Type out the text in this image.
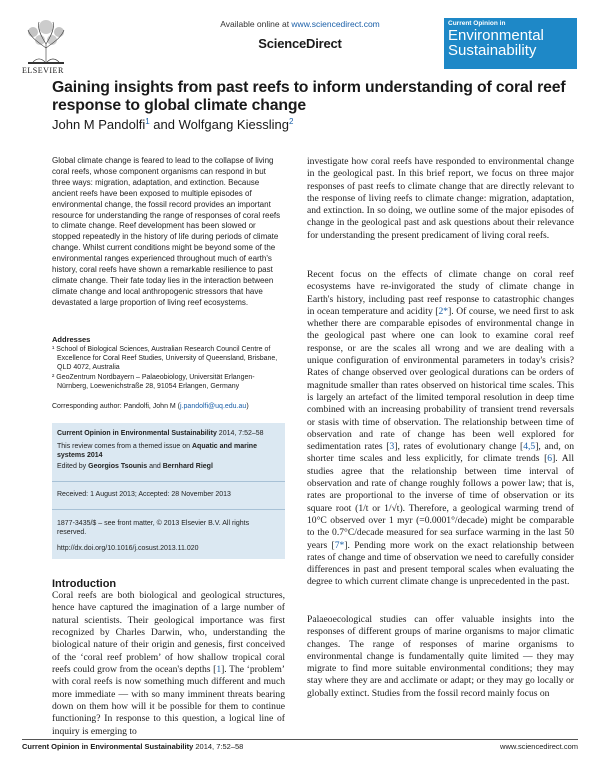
Available online at www.sciencedirect.com
ScienceDirect
ELSEVIER
Current Opinion in
Environmental
Sustainability
Gaining insights from past reefs to inform understanding of coral reef response to global climate change
John M Pandolfi$^1$ and Wolfgang Kiessling$^2$
Global climate change is feared to lead to the collapse of living coral reefs, whose component organisms can respond in but three ways: migration, adaptation, and extinction. Because ancient reefs have been exposed to multiple episodes of environmental change, the fossil record provides an important resource for understanding the range of responses of coral reefs to climate change. Reef development has been slowed or stopped repeatedly in the history of life during periods of climate change. Whilst current conditions might be beyond some of the environmental ranges experienced throughout much of earth's history, coral reefs have shown a remarkable resilience to past climate change. Their fate today lies in the interaction between climate change and local anthropogenic stressors that have devastated a large proportion of living reef ecosystems.
Addresses

¹ School of Biological Sciences, Australian Research Council Centre of Excellence for Coral Reef Studies, University of Queensland, Brisbane, QLD 4072, Australia

² GeoZentrum Nordbayern – Palaeobiology, Universität Erlangen-Nürnberg, Loewenichstraße 28, 91054 Erlangen, Germany

Corresponding author: Pandolfi, John M (j.pandolfi@uq.edu.au)
Current Opinion in Environmental Sustainability 2014, 7:52–58
This review comes from a themed issue on Aquatic and marine systems 2014
Edited by Georgios Tsounis and Bernhard Riegl
Received: 1 August 2013; Accepted: 28 November 2013
1877-3435/$ – see front matter, © 2013 Elsevier B.V. All rights reserved.
http://dx.doi.org/10.1016/j.cosust.2013.11.020
Introduction
Coral reefs are both biological and geological structures, hence have captured the imagination of a large number of natural scientists. Their geological importance was first recognized by Charles Darwin, who, understanding the biological nature of their origin and genesis, first conceived of the ‘coral reef problem’ of how shallow tropical coral reefs could grow from the ocean's depths [1]. The ‘problem’ with coral reefs is now something much different and much more immediate — with so many imminent threats bearing down on them how will it be possible for them to continue functioning? In response to this question, a logical line of inquiry is emerging to

investigate how coral reefs have responded to environmental change in the geological past. In this brief report, we focus on three major responses of past reefs to climate change that are directly relevant to the response of living reefs to climate change: migration, adaptation, and extinction. In so doing, we outline some of the major episodes of change in the geological past and ask questions about their relevance for understanding the present predicament of living coral reefs.

Recent focus on the effects of climate change on coral reef ecosystems have re-invigorated the study of climate change in Earth's history, including past reef response to catastrophic changes in ocean temperature and acidity [2*]. Of course, we need first to ask whether there are comparable episodes of environmental change in the geological past where one can look to examine coral reef response, or are the scales all wrong and we are dealing with a unique configuration of environmental parameters in today's crisis? Rates of change observed over geological durations can be orders of magnitude smaller than rates observed on historical time scales. This is largely an artefact of the limited temporal resolution in deep time combined with an increasing probability of transient trend reversals or stasis with time of observation. The relationship between time of observation and rate of change has been well explored for sedimentation rates [3], rates of evolutionary change [4,5], and, on shorter time scales and less explicitly, for climate trends [6]. All studies agree that the relationship between time interval of observation and rate of change roughly follows a power law; that is, rates are proportional to the inverse of time of observation or its square root (1/t or 1/√t). Therefore, a geological warming trend of 10°C observed over 1 myr (=0.0001°/decade) might be comparable to the 0.7°C/decade measured for sea surface warming in the last 50 years [7*]. Pending more work on the exact relationship between rates of change and time of observation we need to carefully consider differences in past and present temporal scales when evaluating the degree to which current climate change is unprecedented in the past.

Palaeoecological studies can offer valuable insights into the responses of different groups of marine organisms to major climatic changes. The range of responses of marine organisms to environmental change is fundamentally quite limited — they may migrate to find more suitable environmental conditions; they may stay where they are and acclimate or adapt; or they may go locally or globally extinct. Studies from the fossil record mainly focus on

Current Opinion in Environmental Sustainability 2014, 7:52–58	www.sciencedirect.com
